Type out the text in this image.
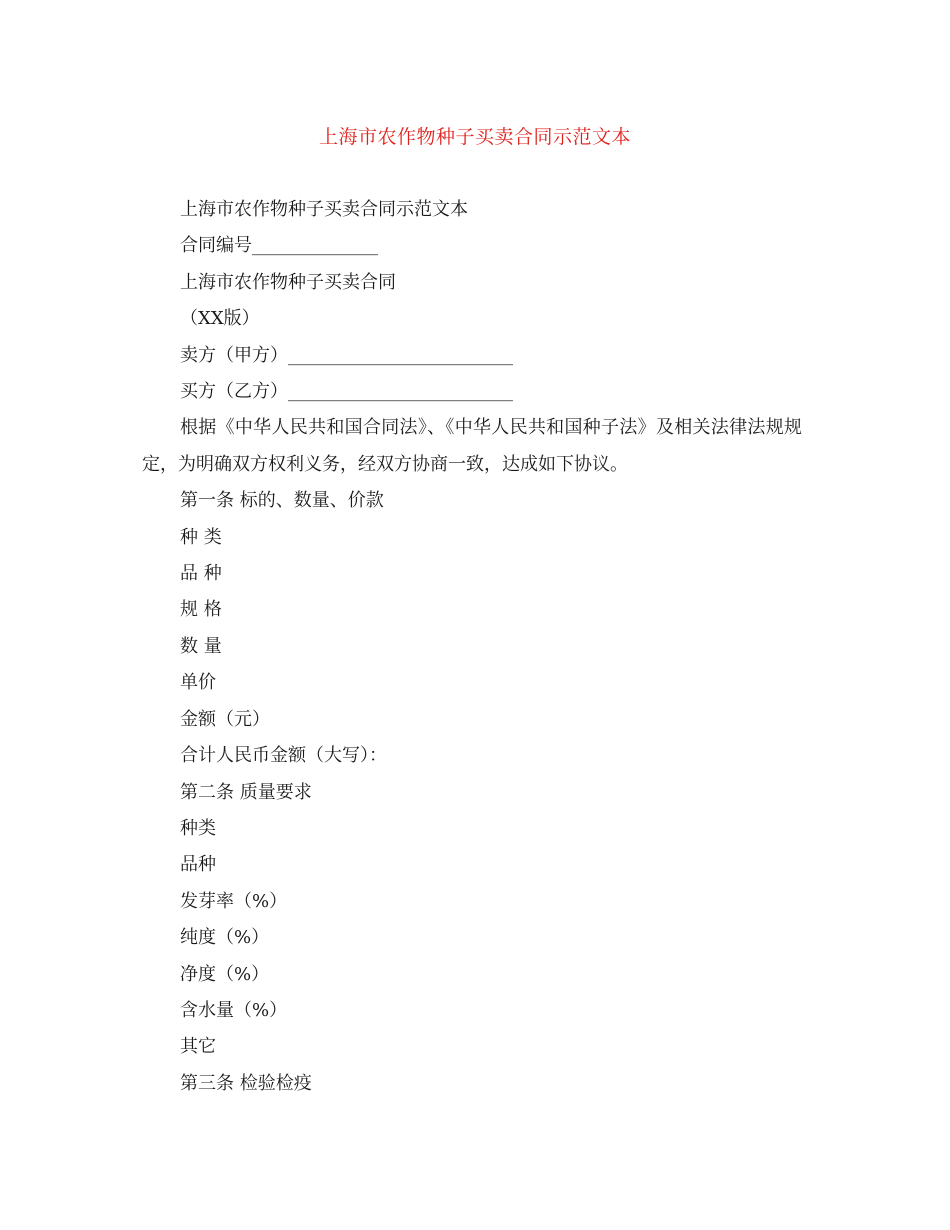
上海市农作物种子买卖合同示范文本

上海市农作物种子买卖合同示范文本

合同编号______________

上海市农作物种子买卖合同

（XX版）

卖方（甲方）_________________________

买方（乙方）_________________________

根据《中华人民共和国合同法》、《中华人民共和国种子法》及相关法律法规规定，为明确双方权利义务，经双方协商一致，达成如下协议。

第一条 标的、数量、价款

种 类

品 种

规 格

数 量

单价

金额（元）

合计人民币金额（大写）：

第二条 质量要求

种类

品种

发芽率（%）

纯度（%）

净度（%）

含水量（%）

其它

第三条 检验检疫
